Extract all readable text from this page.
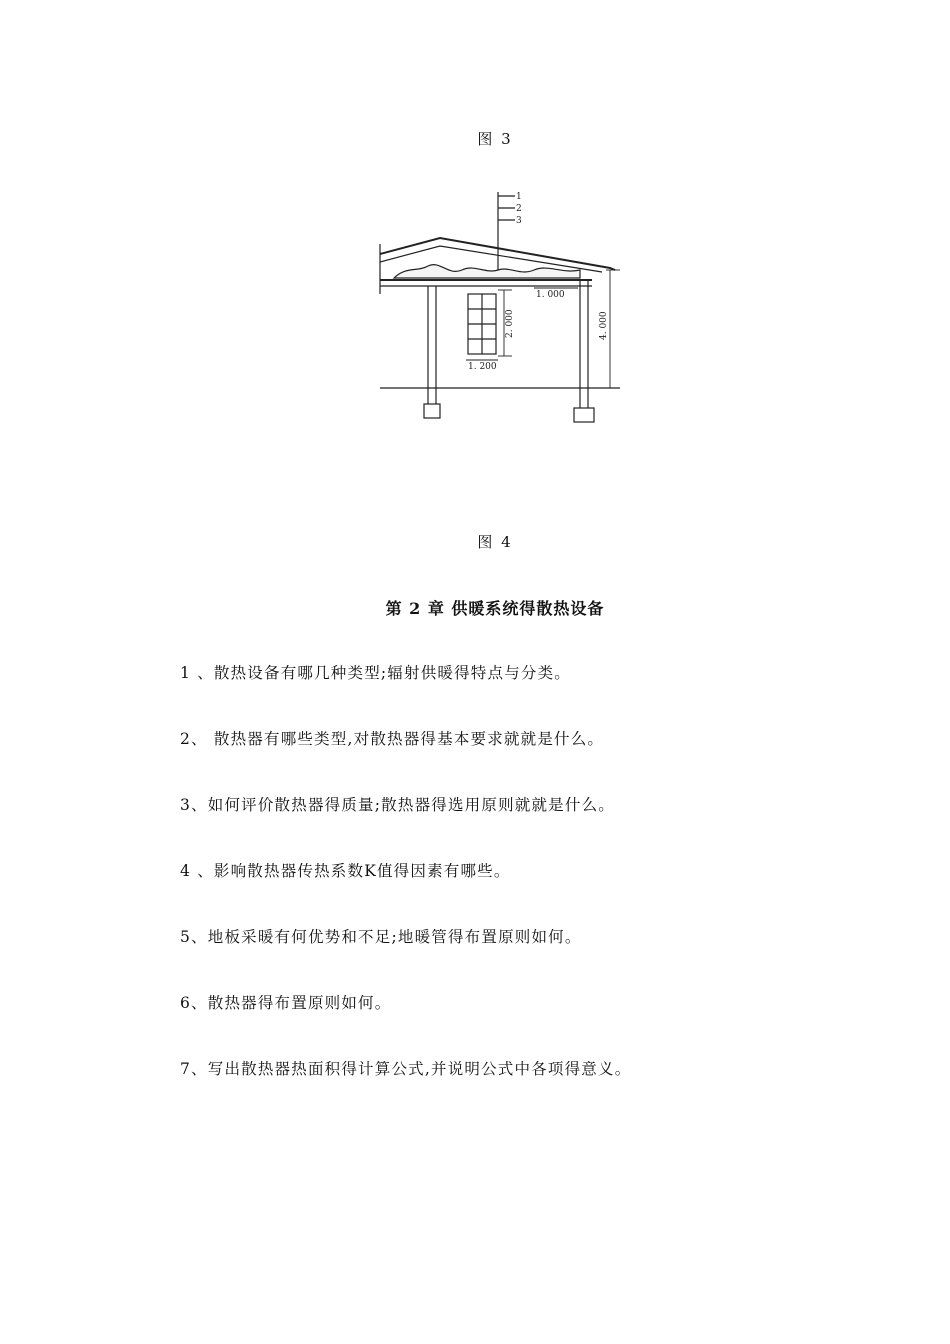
图 3
1
2
3
1. 000
1. 200
2. 000	4. 000
图 4
第 2 章 供暖系统得散热设备
1 、散热设备有哪几种类型;辐射供暖得特点与分类。
2、 散热器有哪些类型,对散热器得基本要求就就是什么。
3、如何评价散热器得质量;散热器得选用原则就就是什么。
4 、影响散热器传热系数K值得因素有哪些。
5、地板采暖有何优势和不足;地暖管得布置原则如何。
6、散热器得布置原则如何。
7、写出散热器热面积得计算公式,并说明公式中各项得意义。
